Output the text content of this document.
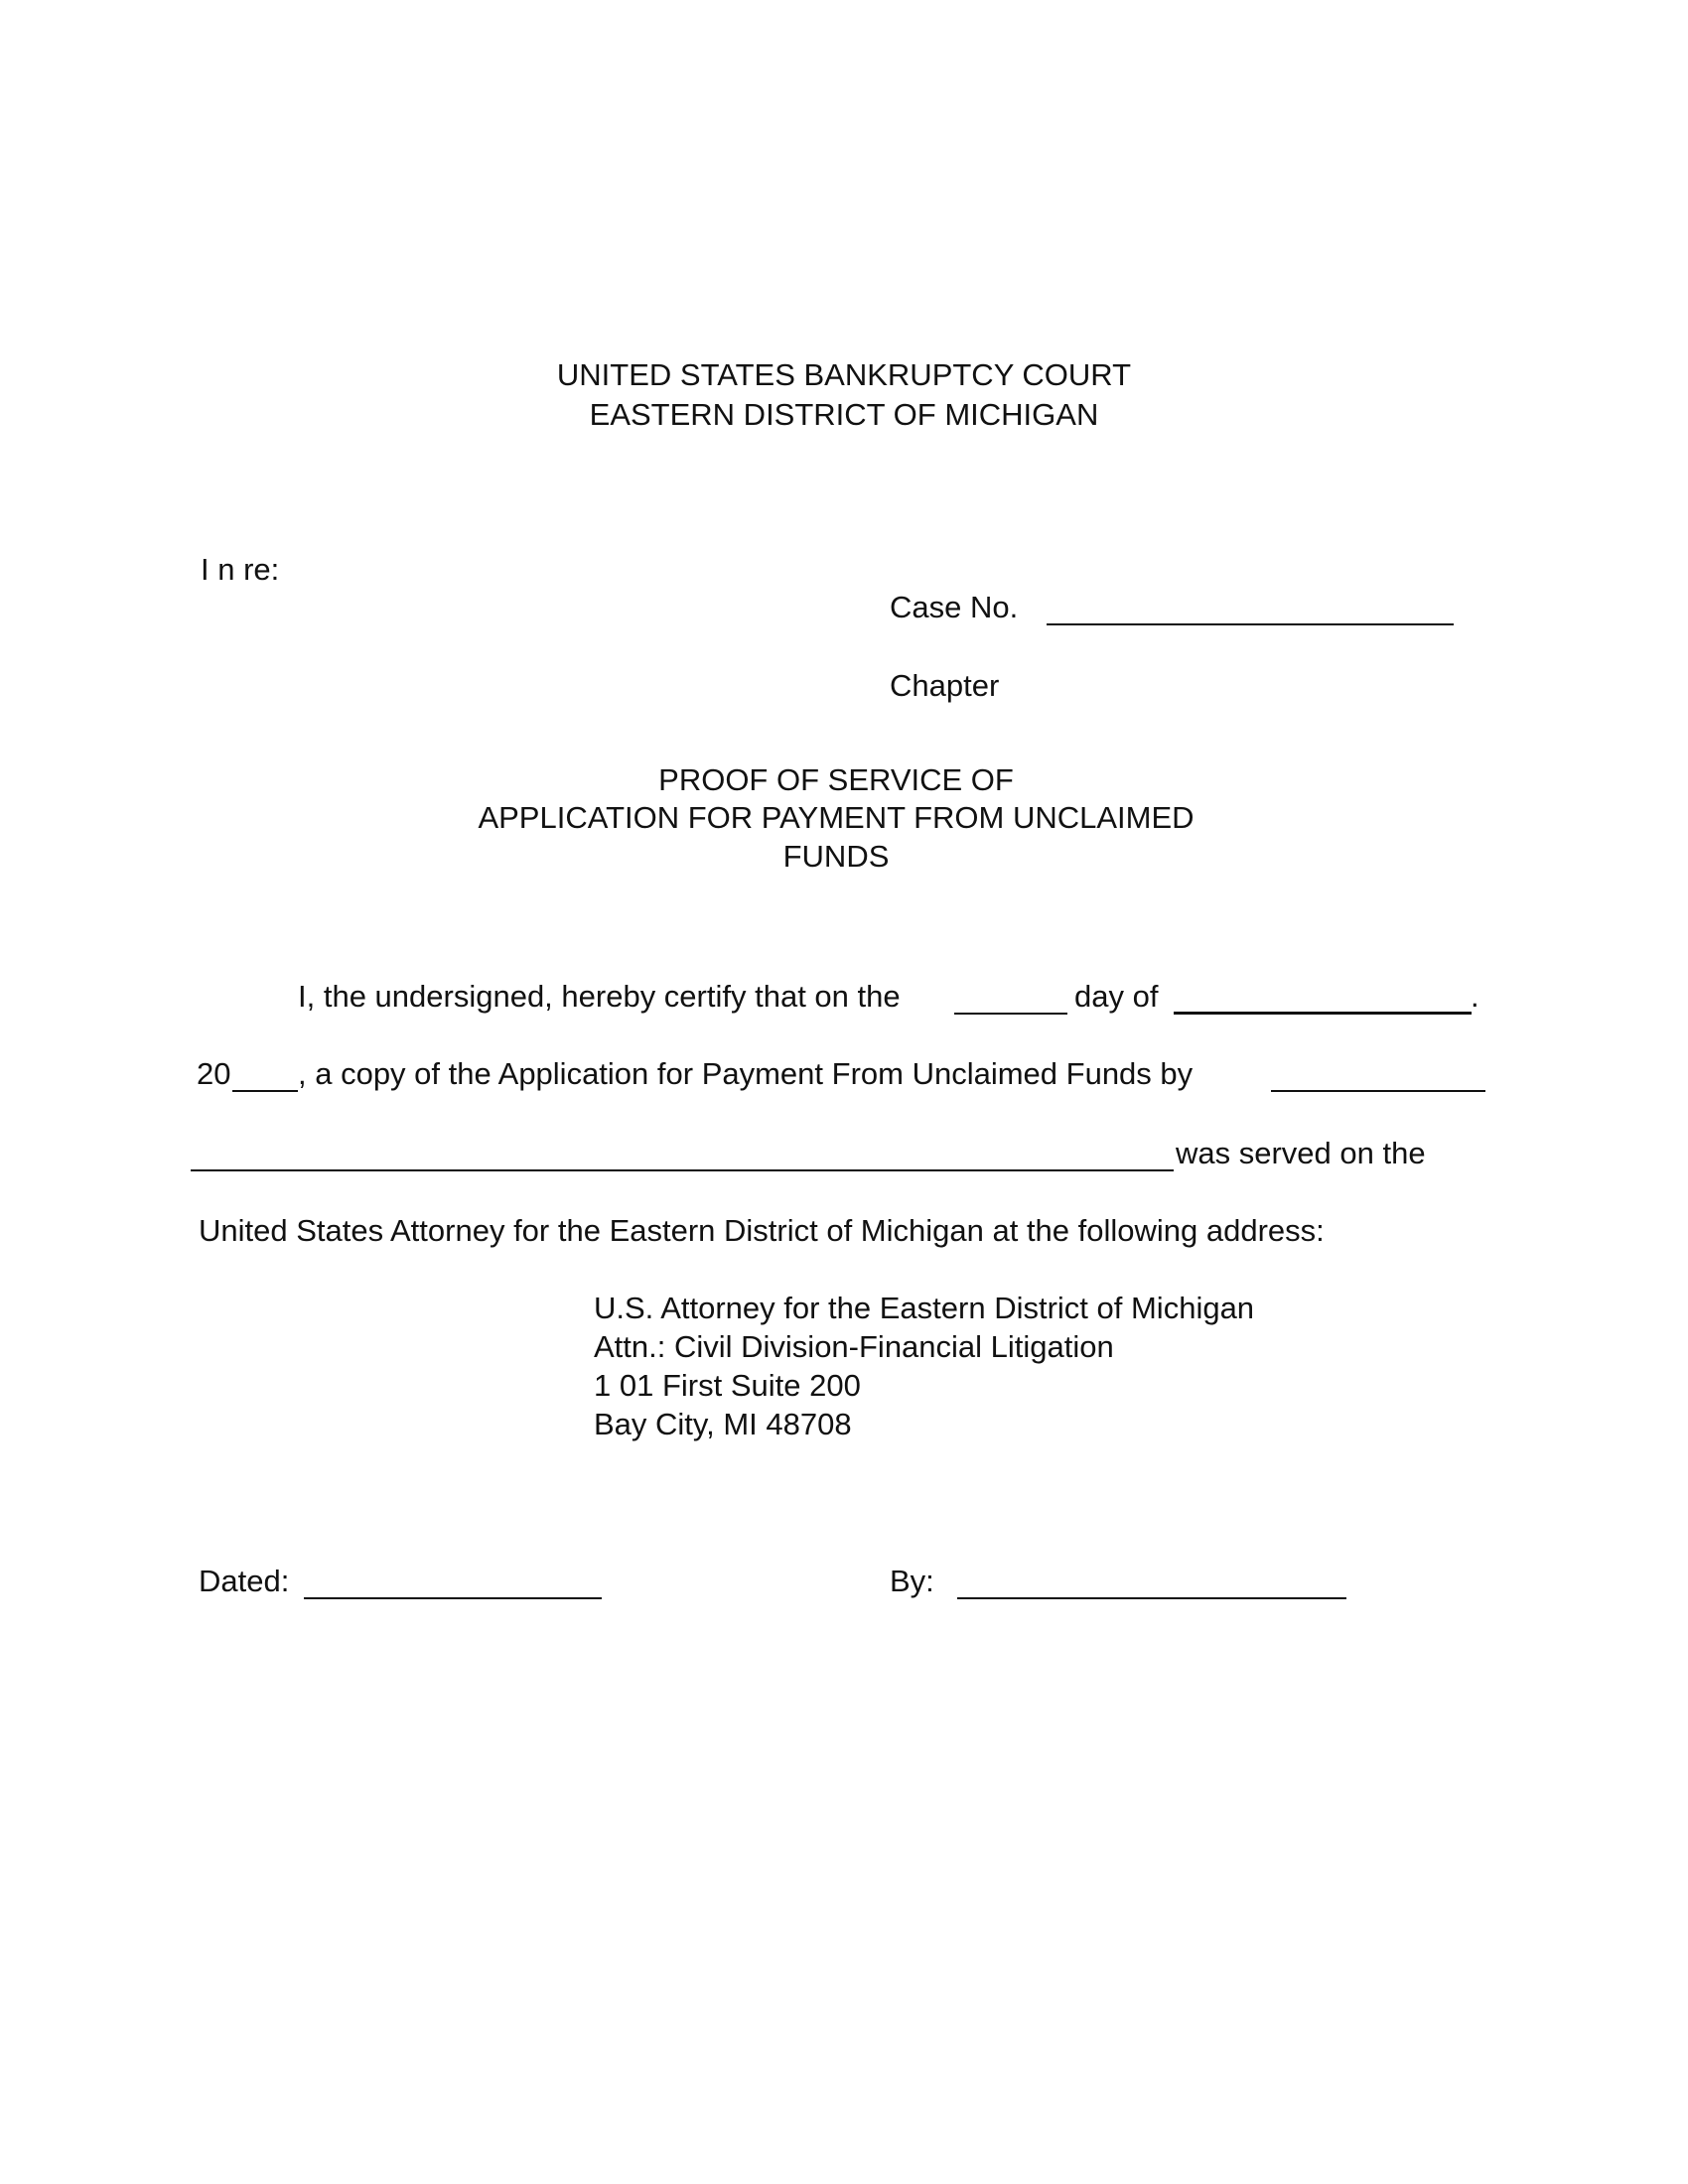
UNITED STATES BANKRUPTCY COURT
EASTERN DISTRICT OF MICHIGAN
I n re:
Case No.
Chapter
PROOF OF SERVICE OF
APPLICATION FOR PAYMENT FROM UNCLAIMED
FUNDS
I, the undersigned, hereby certify that on the	day of	.
20 , a copy of the Application for Payment From Unclaimed Funds by
was served on the
United States Attorney for the Eastern District of Michigan at the following address:
U.S. Attorney for the Eastern District of Michigan
Attn.: Civil Division-Financial Litigation
1 01 First Suite 200
Bay City, MI 48708
Dated:	By:
